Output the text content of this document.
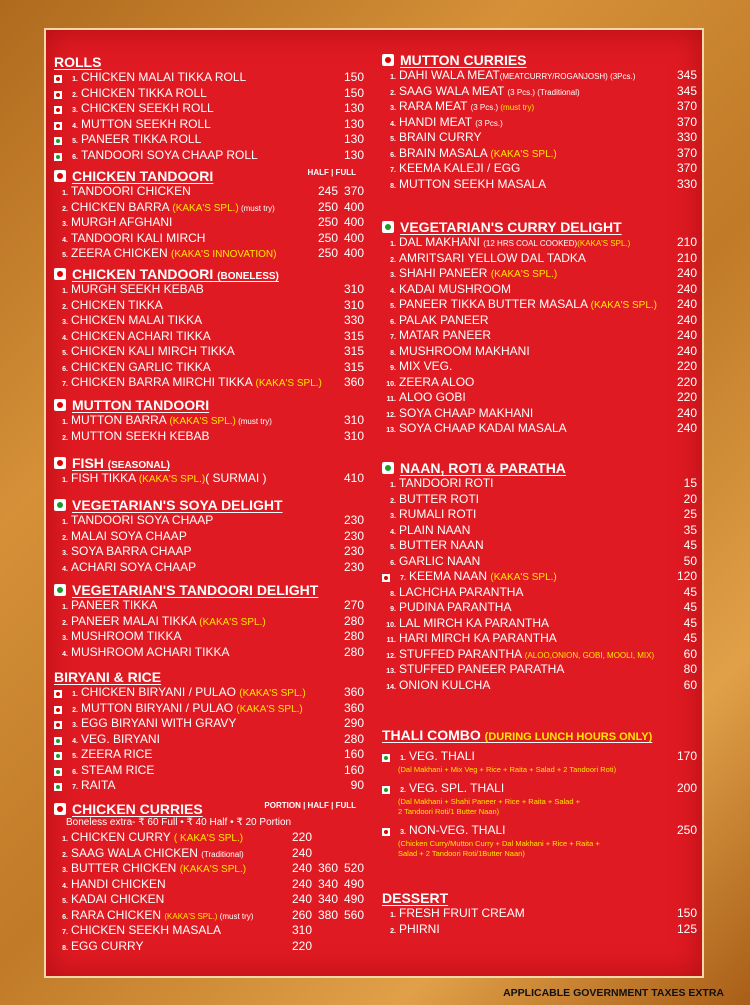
ROLLS
1. CHICKEN MALAI TIKKA ROLL	150
2. CHICKEN TIKKA ROLL	150
3. CHICKEN SEEKH ROLL	130
4. MUTTON SEEKH ROLL	130
5. PANEER TIKKA ROLL	130
6. TANDOORI SOYA CHAAP ROLL	130
CHICKEN TANDOORI	HALF | FULL
1. TANDOORI CHICKEN	245 370
2. CHICKEN BARRA (KAKA'S SPL.) (must try)	250 400
3. MURGH AFGHANI	250 400
4. TANDOORI KALI MIRCH	250 400
5. ZEERA CHICKEN (KAKA'S INNOVATION)	250 400
CHICKEN TANDOORI (BONELESS)
1. MURGH SEEKH KEBAB	310
2. CHICKEN TIKKA	310
3. CHICKEN MALAI TIKKA	330
4. CHICKEN ACHARI TIKKA	315
5. CHICKEN KALI MIRCH TIKKA	315
6. CHICKEN GARLIC TIKKA	315
7. CHICKEN BARRA MIRCHI TIKKA (KAKA'S SPL.)	360
MUTTON TANDOORI
1. MUTTON BARRA (KAKA'S SPL.) (must try)	310
2. MUTTON SEEKH KEBAB	310
FISH (SEASONAL)
1. FISH TIKKA (KAKA'S SPL.)( SURMAI )	410
VEGETARIAN'S SOYA DELIGHT
1. TANDOORI SOYA CHAAP	230
2. MALAI SOYA CHAAP	230
3. SOYA BARRA CHAAP	230
4. ACHARI SOYA CHAAP	230
VEGETARIAN'S TANDOORI DELIGHT
1. PANEER TIKKA	270
2. PANEER MALAI TIKKA (KAKA'S SPL.)	280
3. MUSHROOM TIKKA	280
4. MUSHROOM ACHARI TIKKA	280
BIRYANI & RICE
1. CHICKEN BIRYANI / PULAO (KAKA'S SPL.)	360
2. MUTTON BIRYANI / PULAO (KAKA'S SPL.)	360
3. EGG BIRYANI WITH GRAVY	290
4. VEG. BIRYANI	280
5. ZEERA RICE	160
6. STEAM RICE	160
7. RAITA	90
CHICKEN CURRIES	PORTION | HALF | FULL
Boneless extra- ₹ 60 Full • ₹ 40 Half • ₹ 20 Portion
1. CHICKEN CURRY ( KAKA'S SPL.)	220
2. SAAG WALA CHICKEN (Traditional)	240
3. BUTTER CHICKEN (KAKA'S SPL.)	240 360 520
4. HANDI CHICKEN	240 340 490
5. KADAI CHICKEN	240 340 490
6. RARA CHICKEN (KAKA'S SPL.) (must try)	260 380 560
7. CHICKEN SEEKH MASALA	310
8. EGG CURRY	220
MUTTON CURRIES
1. DAHI WALA MEAT(MEATCURRY/ROGANJOSH) (3Pcs.)	345
2. SAAG WALA MEAT (3 Pcs.) (Traditional)	345
3. RARA MEAT (3 Pcs.) (must try)	370
4. HANDI MEAT (3 Pcs.)	370
5. BRAIN CURRY	330
6. BRAIN MASALA (KAKA'S SPL.)	370
7. KEEMA KALEJI / EGG	370
8. MUTTON SEEKH MASALA	330
VEGETARIAN'S CURRY DELIGHT
1. DAL MAKHANI (12 HRS COAL COOKED)(KAKA'S SPL.)	210
2. AMRITSARI YELLOW DAL TADKA	210
3. SHAHI PANEER (KAKA'S SPL.)	240
4. KADAI MUSHROOM	240
5. PANEER TIKKA BUTTER MASALA (KAKA'S SPL.)	240
6. PALAK PANEER	240
7. MATAR PANEER	240
8. MUSHROOM MAKHANI	240
9. MIX VEG.	220
10. ZEERA ALOO	220
11. ALOO GOBI	220
12. SOYA CHAAP MAKHANI	240
13. SOYA CHAAP KADAI MASALA	240
NAAN, ROTI & PARATHA
1. TANDOORI ROTI	15
2. BUTTER ROTI	20
3. RUMALI ROTI	25
4. PLAIN NAAN	35
5. BUTTER NAAN	45
6. GARLIC NAAN	50
7. KEEMA NAAN (KAKA'S SPL.)	120
8. LACHCHA PARANTHA	45
9. PUDINA PARANTHA	45
10. LAL MIRCH KA PARANTHA	45
11. HARI MIRCH KA PARANTHA	45
12. STUFFED PARANTHA (ALOO,ONION, GOBI, MOOLI, MIX)	60
13. STUFFED PANEER PARATHA	80
14. ONION KULCHA	60
THALI COMBO (DURING LUNCH HOURS ONLY)
1. VEG. THALI	170
(Dal Makhani + Mix Veg + Rice + Raita + Salad + 2 Tandoori Roti)
2. VEG. SPL. THALI	200
(Dal Makhani + Shahi Paneer + Rice + Raita + Salad +
2 Tandoori Roti/1 Butter Naan)
3. NON-VEG. THALI	250
(Chicken Curry/Mutton Curry + Dal Makhani + Rice + Raita +
Salad + 2 Tandoori Roti/1Butter Naan)
DESSERT
1. FRESH FRUIT CREAM	150
2. PHIRNI	125
APPLICABLE GOVERNMENT TAXES EXTRA
